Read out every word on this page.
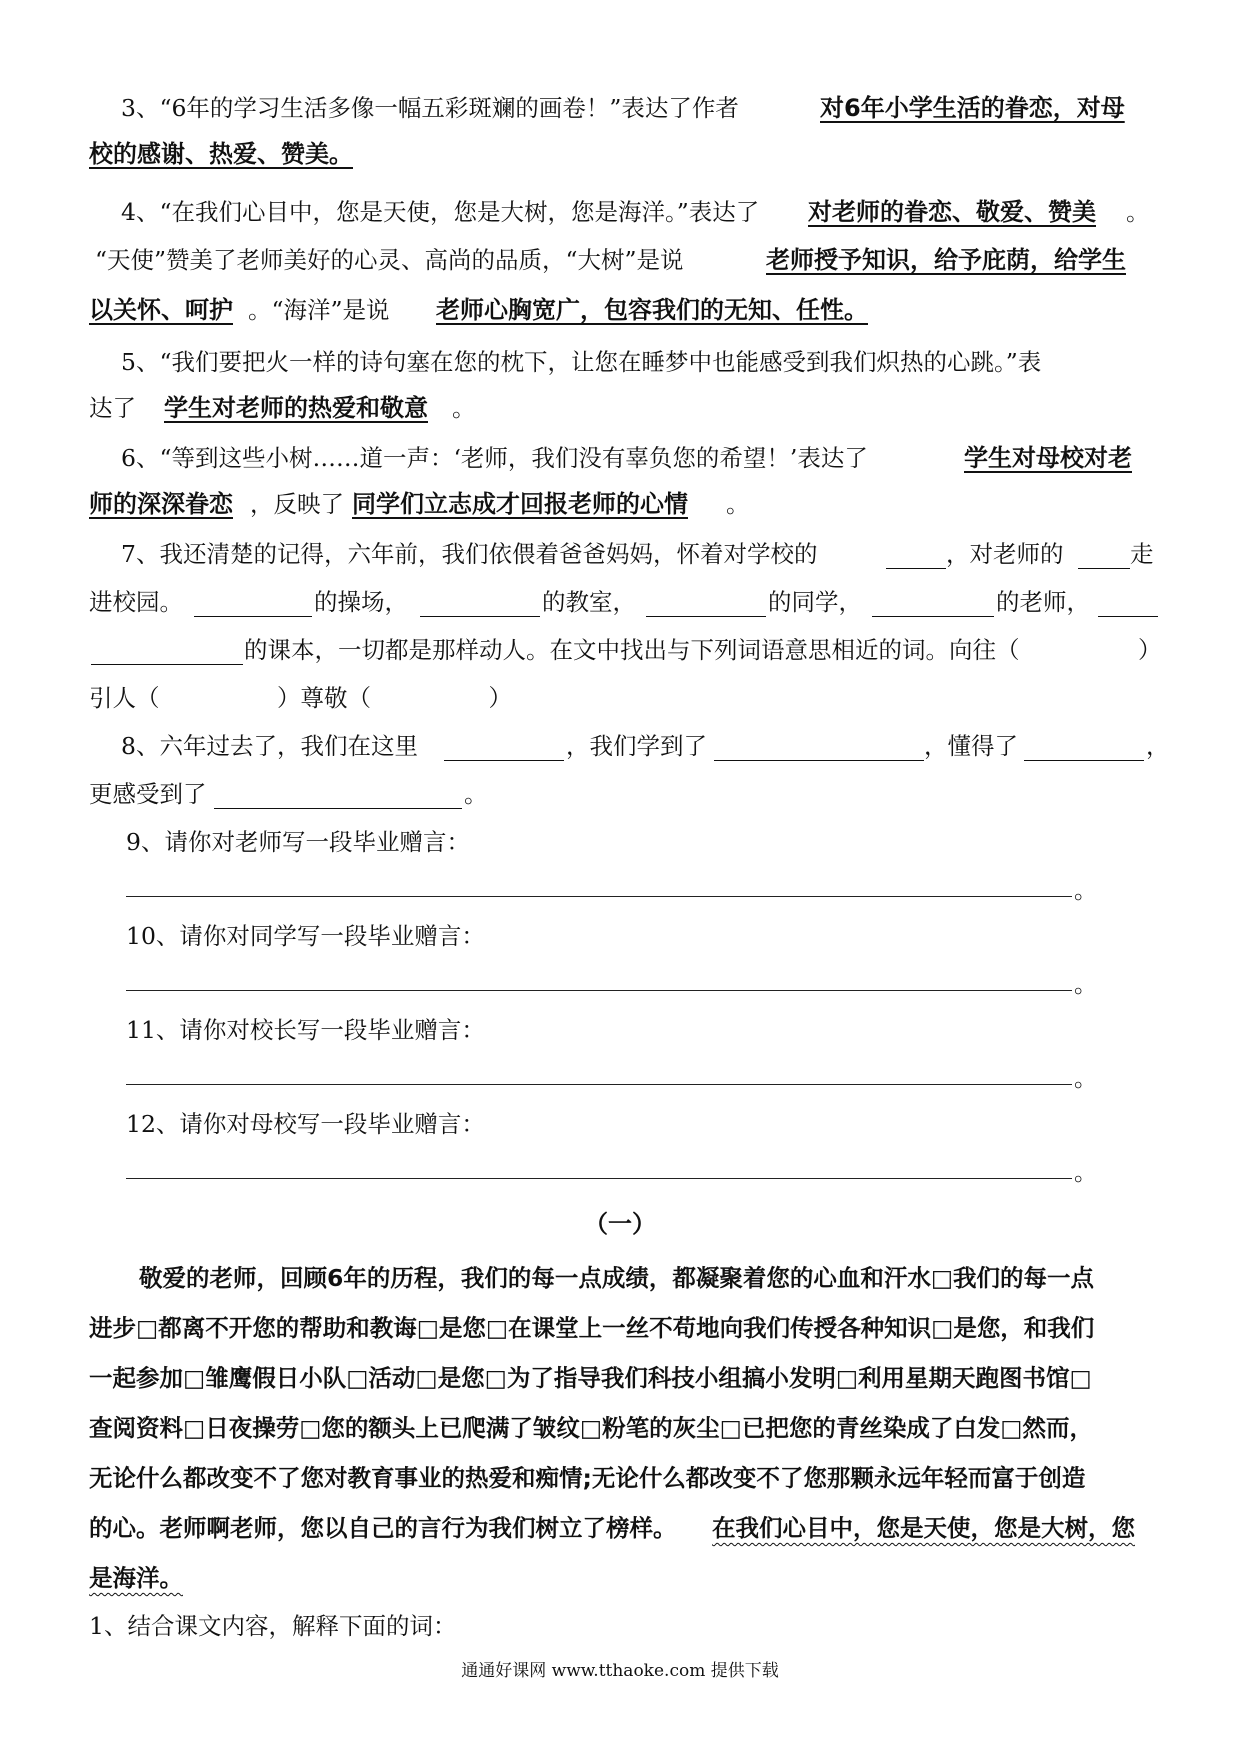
3、“6年的学习生活多像一幅五彩斑斓的画卷！”表达了作者	对6年小学生活的眷恋，对母
校的感谢、热爱、赞美。
4、“在我们心目中，您是天使，您是大树，您是海洋。”表达了 对老师的眷恋、敬爱、赞美 。
“天使”赞美了老师美好的心灵、高尚的品质，“大树”是说	老师授予知识，给予庇荫，给学生
以关怀、呵护 。“海洋”是说 老师心胸宽广，包容我们的无知、任性。
5、“我们要把火一样的诗句塞在您的枕下，让您在睡梦中也能感受到我们炽热的心跳。”表
达了	学生对老师的热爱和敬意	。
6、“等到这些小树……道一声：‘老师，我们没有辜负您的希望！’表达了	学生对母校对老
师的深深眷恋 ，反映了 同学们立志成才回报老师的心情 。
7、我还清楚的记得，六年前，我们依偎着爸爸妈妈，怀着对学校的	，对老师的	走
进校园。	的操场，	的教室，	的同学，	的老师，
的课本，一切都是那样动人。在文中找出与下列词语意思相近的词。向往（	）
引人（　　　　　）尊敬（　　　　　）
8、六年过去了，我们在这里	，我们学到了	，懂得了	，
更感受到了	。
9、请你对老师写一段毕业赠言：
。
10、请你对同学写一段毕业赠言：
。
11、请你对校长写一段毕业赠言：
。
12、请你对母校写一段毕业赠言：
。
（一）
敬爱的老师，回顾6年的历程，我们的每一点成绩，都凝聚着您的心血和汗水□我们的每一点
进步□都离不开您的帮助和教诲□是您□在课堂上一丝不苟地向我们传授各种知识□是您，和我们
一起参加□雏鹰假日小队□活动□是您□为了指导我们科技小组搞小发明□利用星期天跑图书馆□
查阅资料□日夜操劳□您的额头上已爬满了皱纹□粉笔的灰尘□已把您的青丝染成了白发□然而，
无论什么都改变不了您对教育事业的热爱和痴情;无论什么都改变不了您那颗永远年轻而富于创造
的心。老师啊老师，您以自己的言行为我们树立了榜样。 在我们心目中，您是天使，您是大树，您
是海洋。
1、结合课文内容，解释下面的词：
通通好课网 www.tthaoke.com 提供下载
